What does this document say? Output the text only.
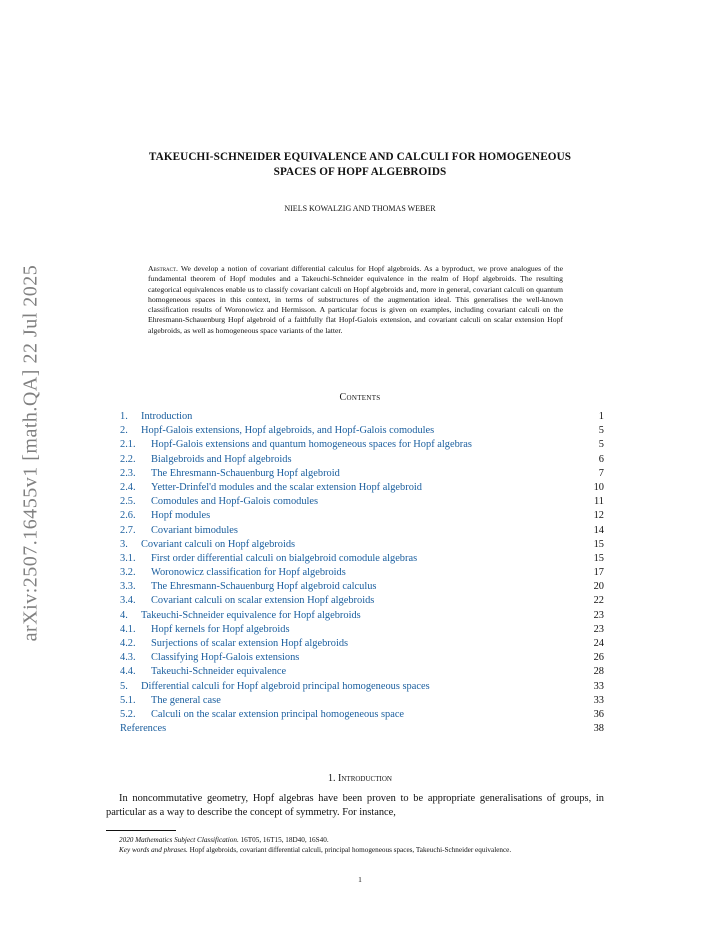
arXiv:2507.16455v1 [math.QA] 22 Jul 2025
TAKEUCHI-SCHNEIDER EQUIVALENCE AND CALCULI FOR HOMOGENEOUS
SPACES OF HOPF ALGEBROIDS
NIELS KOWALZIG AND THOMAS WEBER
Abstract. We develop a notion of covariant differential calculus for Hopf algebroids. As a byproduct, we prove analogues of the fundamental theorem of Hopf modules and a Takeuchi-Schneider equivalence in the realm of Hopf algebroids. The resulting categorical equivalences enable us to classify covariant calculi on Hopf algebroids and, more in general, covariant calculi on quantum homogeneous spaces in this context, in terms of substructures of the augmentation ideal. This generalises the well-known classification results of Woronowicz and Hermisson. A particular focus is given on examples, including covariant calculi on the Ehresmann-Schauenburg Hopf algebroid of a faithfully flat Hopf-Galois extension, and covariant calculi on scalar extension Hopf algebroids, as well as homogeneous space variants of the latter.
Contents
1.	Introduction	1
2.	Hopf-Galois extensions, Hopf algebroids, and Hopf-Galois comodules	5
2.1.	Hopf-Galois extensions and quantum homogeneous spaces for Hopf algebras	5
2.2.	Bialgebroids and Hopf algebroids	6
2.3.	The Ehresmann-Schauenburg Hopf algebroid	7
2.4.	Yetter-Drinfel'd modules and the scalar extension Hopf algebroid	10
2.5.	Comodules and Hopf-Galois comodules	11
2.6.	Hopf modules	12
2.7.	Covariant bimodules	14
3.	Covariant calculi on Hopf algebroids	15
3.1.	First order differential calculi on bialgebroid comodule algebras	15
3.2.	Woronowicz classification for Hopf algebroids	17
3.3.	The Ehresmann-Schauenburg Hopf algebroid calculus	20
3.4.	Covariant calculi on scalar extension Hopf algebroids	22
4.	Takeuchi-Schneider equivalence for Hopf algebroids	23
4.1.	Hopf kernels for Hopf algebroids	23
4.2.	Surjections of scalar extension Hopf algebroids	24
4.3.	Classifying Hopf-Galois extensions	26
4.4.	Takeuchi-Schneider equivalence	28
5.	Differential calculi for Hopf algebroid principal homogeneous spaces	33
5.1.	The general case	33
5.2.	Calculi on the scalar extension principal homogeneous space	36
References	38
1. Introduction
In noncommutative geometry, Hopf algebras have been proven to be appropriate generalisations of groups, in particular as a way to describe the concept of symmetry. For instance,

2020 Mathematics Subject Classification. 16T05, 16T15, 18D40, 16S40.

Key words and phrases. Hopf algebroids, covariant differential calculi, principal homogeneous spaces, Takeuchi-Schneider equivalence.

1
